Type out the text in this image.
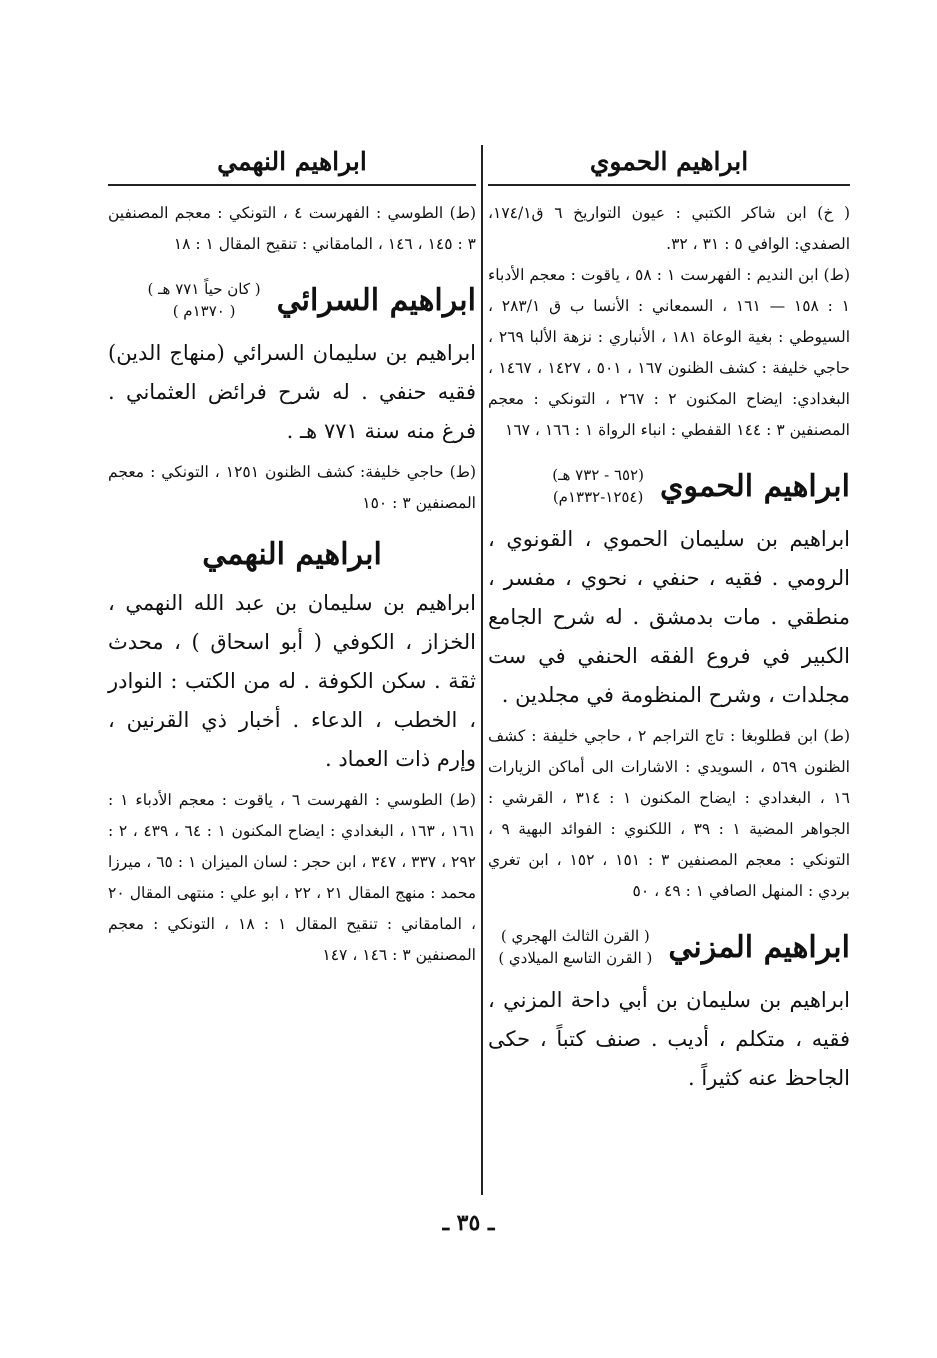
ابراهيم الحموي

( خ) ابن شاكر الكتبي : عيون التواريخ ٦ ق١٧٤/١، الصفدي: الوافي ٥ : ٣١ ، ٣٢.

(ط) ابن النديم : الفهرست ١ : ٥٨ ، ياقوت : معجم الأدباء ١ : ١٥٨ — ١٦١ ، السمعاني : الأنسا ب ق ٢٨٣/١ ، السيوطي : بغية الوعاة ١٨١ ، الأنباري : نزهة الألبا ٢٦٩ ، حاجي خليفة : كشف الظنون ١٦٧ ، ٥٠١ ، ١٤٢٧ ، ١٤٦٧ ، البغدادي: ايضاح المكنون ٢ : ٢٦٧ ، التونكي : معجم المصنفين ٣ : ١٤٤ القفطي : انباء الرواة ١ : ١٦٦ ، ١٦٧

ابراهيم الحموي
(٦٥٢ - ٧٣٢ هـ)
(١٢٥٤-١٣٣٢م)

ابراهيم بن سليمان الحموي ، القونوي ، الرومي . فقيه ، حنفي ، نحوي ، مفسر ، منطقي . مات بدمشق . له شرح الجامع الكبير في فروع الفقه الحنفي في ست مجلدات ، وشرح المنظومة في مجلدين .

(ط) ابن قطلوبغا : تاج التراجم ٢ ، حاجي خليفة : كشف الظنون ٥٦٩ ، السويدي : الاشارات الى أماكن الزيارات ١٦ ، البغدادي : ايضاح المكنون ١ : ٣١٤ ، القرشي : الجواهر المضية ١ : ٣٩ ، اللكنوي : الفوائد البهية ٩ ، التونكي : معجم المصنفين ٣ : ١٥١ ، ١٥٢ ، ابن تغري بردي : المنهل الصافي ١ : ٤٩ ، ٥٠

ابراهيم المزني
( القرن الثالث الهجري )
( القرن التاسع الميلادي )

ابراهيم بن سليمان بن أبي داحة المزني ، فقيه ، متكلم ، أديب . صنف كتباً ، حكى الجاحظ عنه كثيراً .

ابراهيم النهمي

(ط) الطوسي : الفهرست ٤ ، التونكي : معجم المصنفين ٣ : ١٤٥ ، ١٤٦ ، المامقاني : تنقيح المقال ١ : ١٨

ابراهيم السرائي
( كان حياً ٧٧١ هـ )
( ١٣٧٠م )

ابراهيم بن سليمان السرائي (منهاج الدين) فقيه حنفي . له شرح فرائض العثماني . فرغ منه سنة ٧٧١ هـ .

(ط) حاجي خليفة: كشف الظنون ١٢٥١ ، التونكي : معجم المصنفين ٣ : ١٥٠

ابراهيم النهمي

ابراهيم بن سليمان بن عبد الله النهمي ، الخزاز ، الكوفي ( أبو اسحاق ) ، محدث ثقة . سكن الكوفة . له من الكتب : النوادر ، الخطب ، الدعاء . أخبار ذي القرنين ، وإرم ذات العماد .

(ط) الطوسي : الفهرست ٦ ، ياقوت : معجم الأدباء ١ : ١٦١ ، ١٦٣ ، البغدادي : ايضاح المكنون ١ : ٦٤ ، ٤٣٩ ، ٢ : ٢٩٢ ، ٣٣٧ ، ٣٤٧ ، ابن حجر : لسان الميزان ١ : ٦٥ ، ميرزا محمد : منهج المقال ٢١ ، ٢٢ ، ابو علي : منتهى المقال ٢٠ ، المامقاني : تنقيح المقال ١ : ١٨ ، التونكي : معجم المصنفين ٣ : ١٤٦ ، ١٤٧

ـ ٣٥ ـ
